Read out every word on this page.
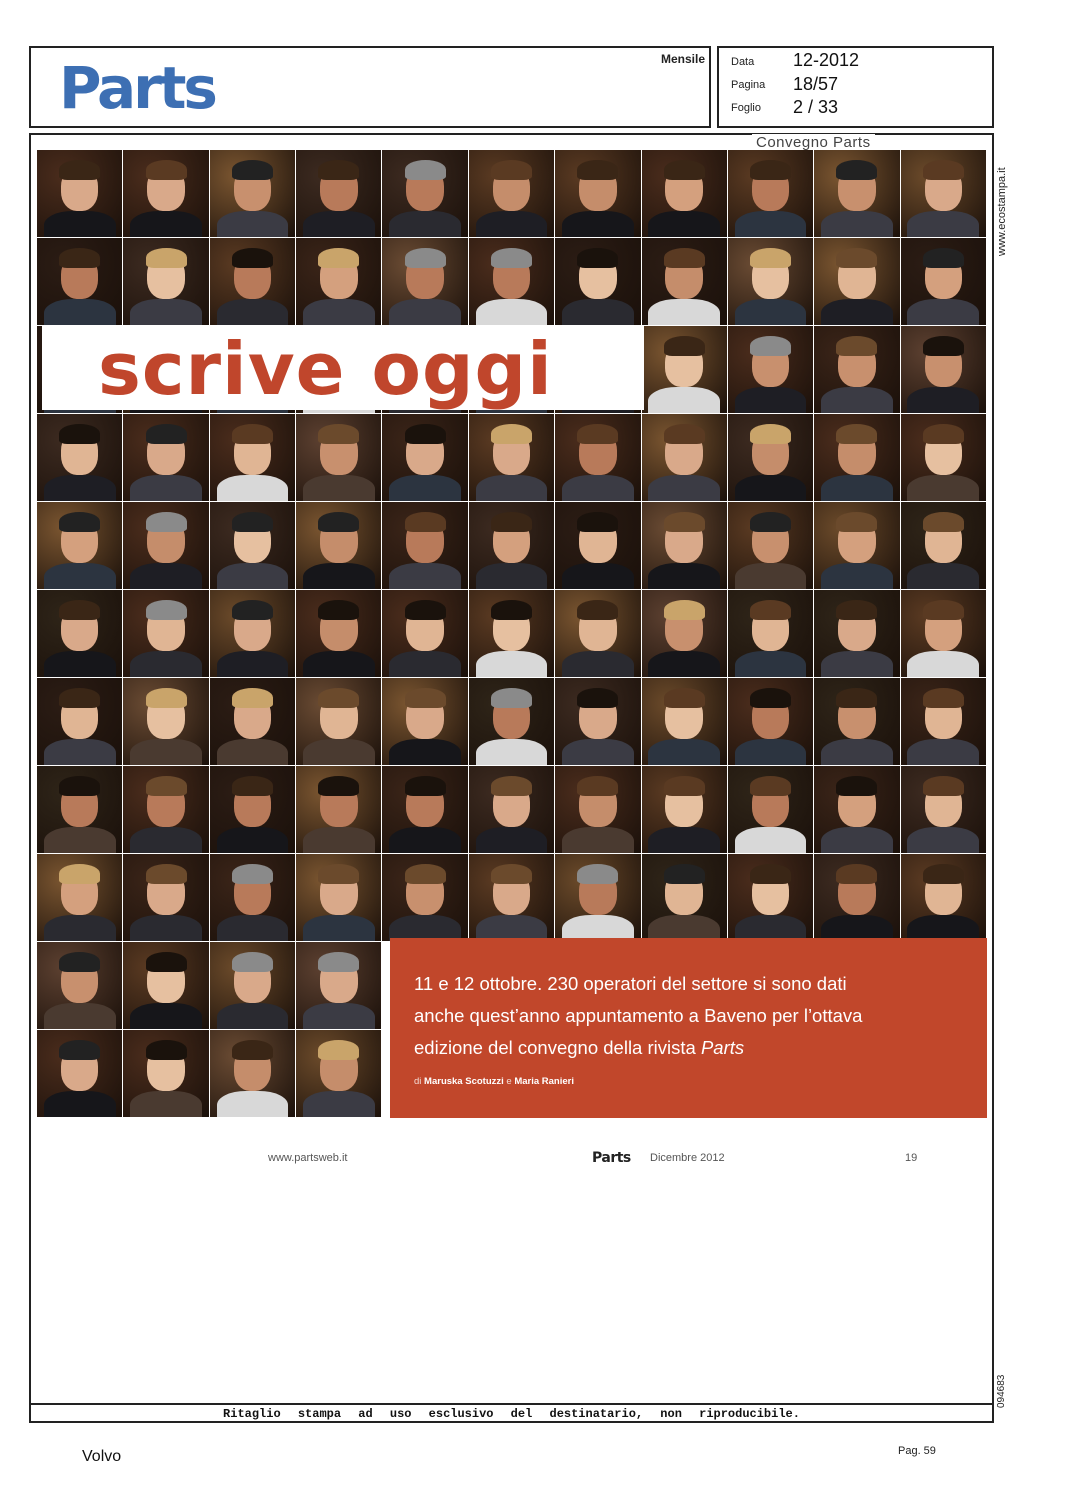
Parts	Mensile Data 12-2012
Pagina 18/57
Foglio 2 / 33
www.ecostampa.it
094683
Convegno Parts
scrive oggi
11 e 12 ottobre. 230 operatori del settore si sono dati
anche quest’anno appuntamento a Baveno per l’ottava
edizione del convegno della rivista Parts
di Maruska Scotuzzi e Maria Ranieri
www.partsweb.it	Parts Dicembre 2012	19
Ritaglio stampa ad uso esclusivo del destinatario, non riproducibile.
Volvo	Pag. 59
